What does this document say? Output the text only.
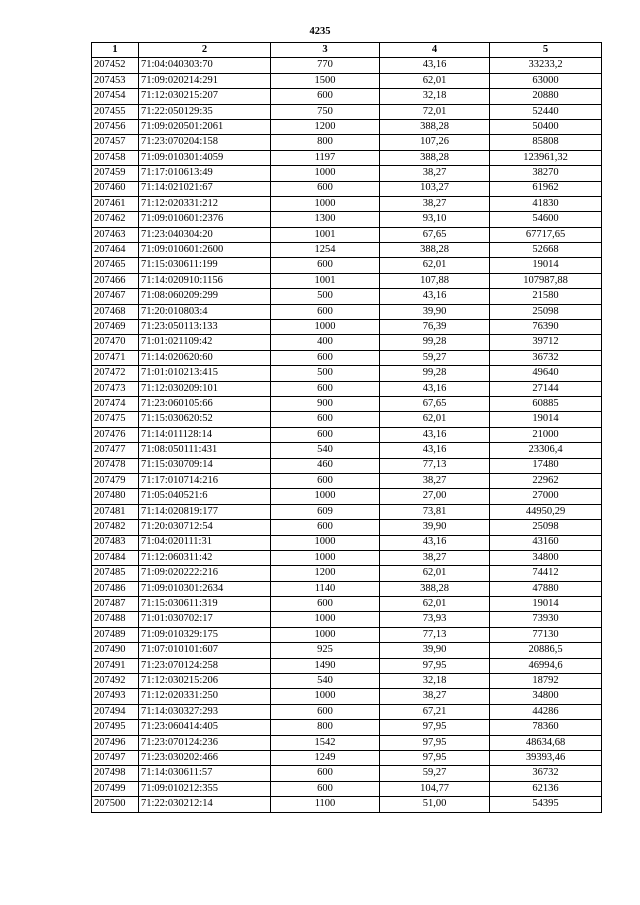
4235
1	2	3	4	5
207452	71:04:040303:70	770	43,16	33233,2
207453	71:09:020214:291	1500	62,01	63000
207454	71:12:030215:207	600	32,18	20880
207455	71:22:050129:35	750	72,01	52440
207456	71:09:020501:2061	1200	388,28	50400
207457	71:23:070204:158	800	107,26	85808
207458	71:09:010301:4059	1197	388,28	123961,32
207459	71:17:010613:49	1000	38,27	38270
207460	71:14:021021:67	600	103,27	61962
207461	71:12:020331:212	1000	38,27	41830
207462	71:09:010601:2376	1300	93,10	54600
207463	71:23:040304:20	1001	67,65	67717,65
207464	71:09:010601:2600	1254	388,28	52668
207465	71:15:030611:199	600	62,01	19014
207466	71:14:020910:1156	1001	107,88	107987,88
207467	71:08:060209:299	500	43,16	21580
207468	71:20:010803:4	600	39,90	25098
207469	71:23:050113:133	1000	76,39	76390
207470	71:01:021109:42	400	99,28	39712
207471	71:14:020620:60	600	59,27	36732
207472	71:01:010213:415	500	99,28	49640
207473	71:12:030209:101	600	43,16	27144
207474	71:23:060105:66	900	67,65	60885
207475	71:15:030620:52	600	62,01	19014
207476	71:14:011128:14	600	43,16	21000
207477	71:08:050111:431	540	43,16	23306,4
207478	71:15:030709:14	460	77,13	17480
207479	71:17:010714:216	600	38,27	22962
207480	71:05:040521:6	1000	27,00	27000
207481	71:14:020819:177	609	73,81	44950,29
207482	71:20:030712:54	600	39,90	25098
207483	71:04:020111:31	1000	43,16	43160
207484	71:12:060311:42	1000	38,27	34800
207485	71:09:020222:216	1200	62,01	74412
207486	71:09:010301:2634	1140	388,28	47880
207487	71:15:030611:319	600	62,01	19014
207488	71:01:030702:17	1000	73,93	73930
207489	71:09:010329:175	1000	77,13	77130
207490	71:07:010101:607	925	39,90	20886,5
207491	71:23:070124:258	1490	97,95	46994,6
207492	71:12:030215:206	540	32,18	18792
207493	71:12:020331:250	1000	38,27	34800
207494	71:14:030327:293	600	67,21	44286
207495	71:23:060414:405	800	97,95	78360
207496	71:23:070124:236	1542	97,95	48634,68
207497	71:23:030202:466	1249	97,95	39393,46
207498	71:14:030611:57	600	59,27	36732
207499	71:09:010212:355	600	104,77	62136
207500	71:22:030212:14	1100	51,00	54395
